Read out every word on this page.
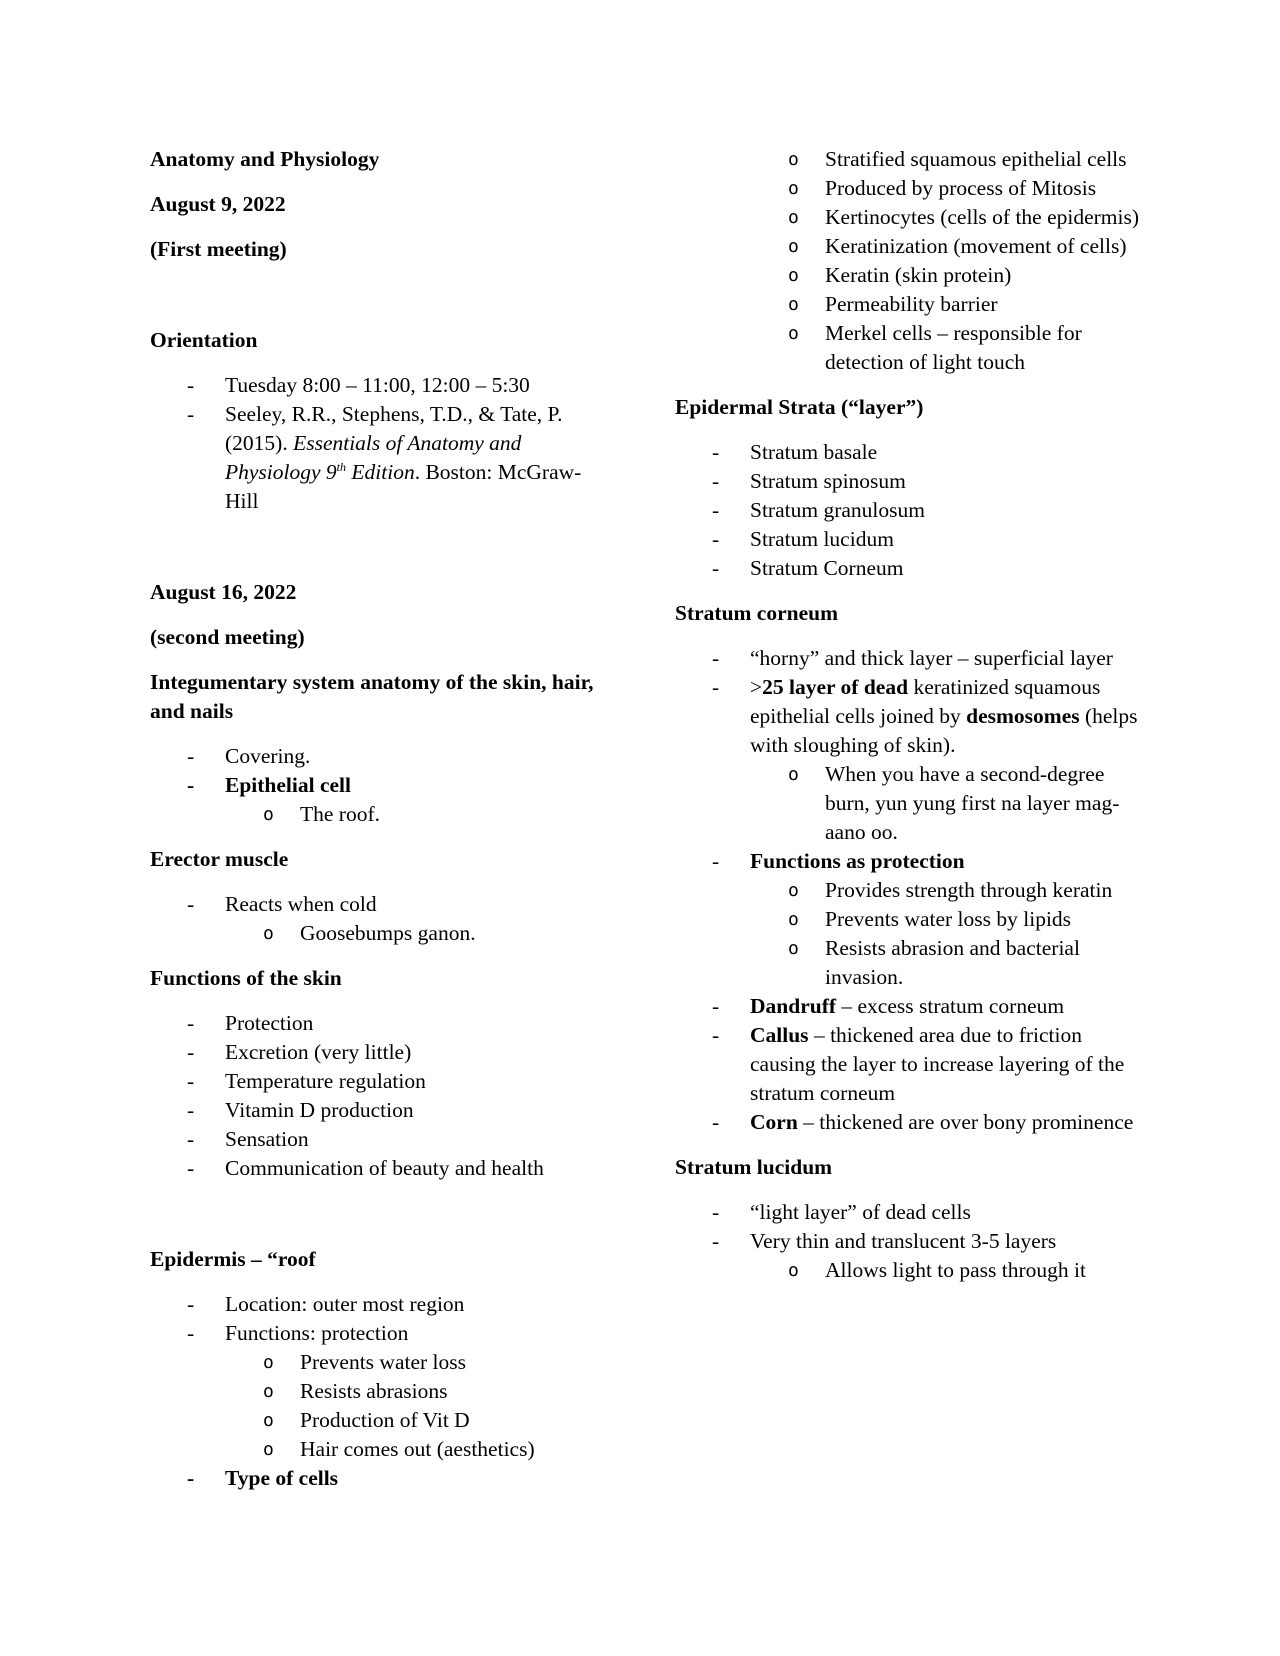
Anatomy and Physiology

August 9, 2022

(First meeting)

Orientation

- Tuesday 8:00 – 11:00, 12:00 – 5:30
- Seeley, R.R., Stephens, T.D., & Tate, P. (2015). Essentials of Anatomy and Physiology 9th Edition. Boston: McGraw-Hill

August 16, 2022

(second meeting)

Integumentary system anatomy of the skin, hair, and nails

- Covering.
- Epithelial cell
o The roof.

Erector muscle

- Reacts when cold
o Goosebumps ganon.

Functions of the skin

- Protection
- Excretion (very little)
- Temperature regulation
- Vitamin D production
- Sensation
- Communication of beauty and health

Epidermis – “roof

- Location: outer most region
- Functions: protection
o Prevents water loss
o Resists abrasions
o Production of Vit D
o Hair comes out (aesthetics)
- Type of cells
o Stratified squamous epithelial cells
o Produced by process of Mitosis
o Kertinocytes (cells of the epidermis)
o Keratinization (movement of cells)
o Keratin (skin protein)
o Permeability barrier
o Merkel cells – responsible for detection of light touch

Epidermal Strata (“layer”)

- Stratum basale
- Stratum spinosum
- Stratum granulosum
- Stratum lucidum
- Stratum Corneum

Stratum corneum

- “horny” and thick layer – superficial layer
- >25 layer of dead keratinized squamous epithelial cells joined by desmosomes (helps with sloughing of skin).
o When you have a second-degree burn, yun yung first na layer mag-aano oo.
- Functions as protection
o Provides strength through keratin
o Prevents water loss by lipids
o Resists abrasion and bacterial invasion.
- Dandruff – excess stratum corneum
- Callus – thickened area due to friction causing the layer to increase layering of the stratum corneum
- Corn – thickened are over bony prominence

Stratum lucidum

- “light layer” of dead cells
- Very thin and translucent 3-5 layers
o Allows light to pass through it
